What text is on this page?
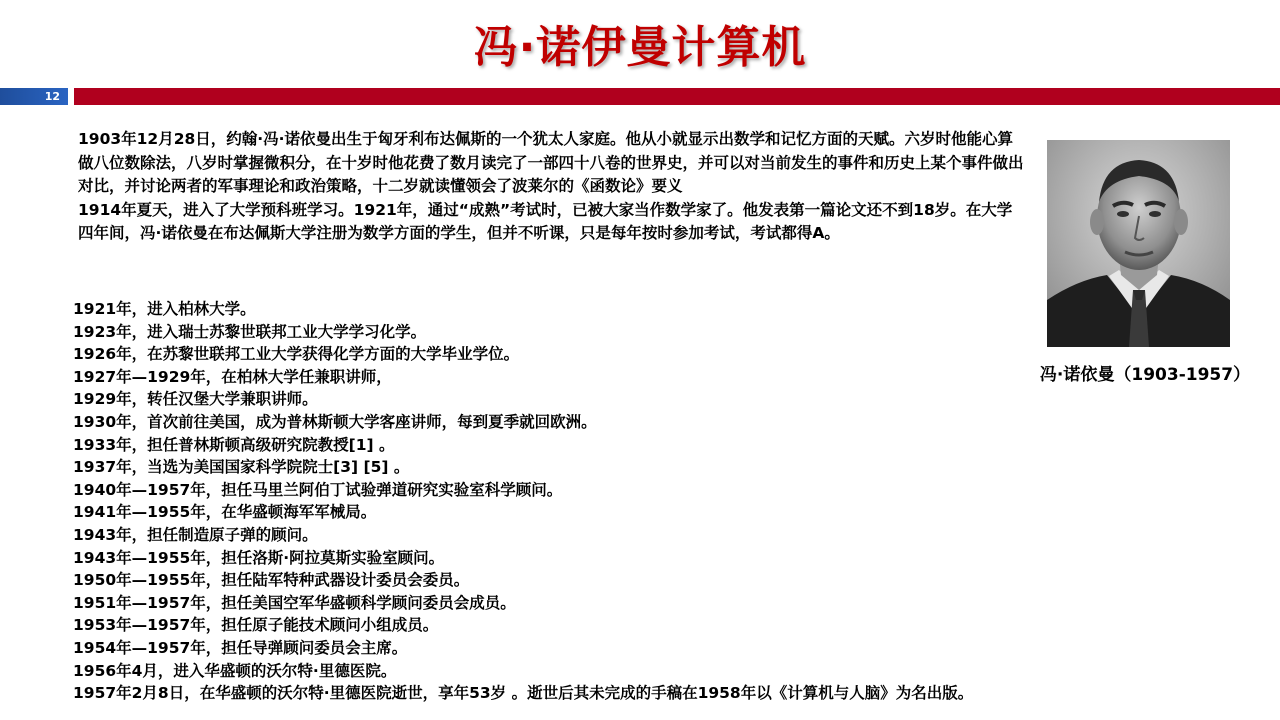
冯·诺伊曼计算机
12

1903年12月28日，约翰·冯·诺依曼出生于匈牙利布达佩斯的一个犹太人家庭。他从小就显示出数学和记忆方面的天赋。六岁时他能心算做八位数除法，八岁时掌握微积分，在十岁时他花费了数月读完了一部四十八卷的世界史，并可以对当前发生的事件和历史上某个事件做出对比，并讨论两者的军事理论和政治策略，十二岁就读懂领会了波莱尔的《函数论》要义

1914年夏天，进入了大学预科班学习。1921年，通过“成熟”考试时，已被大家当作数学家了。他发表第一篇论文还不到18岁。在大学四年间，冯·诺依曼在布达佩斯大学注册为数学方面的学生，但并不听课，只是每年按时参加考试，考试都得A。

1921年，进入柏林大学。
1923年，进入瑞士苏黎世联邦工业大学学习化学。
1926年，在苏黎世联邦工业大学获得化学方面的大学毕业学位。
1927年—1929年，在柏林大学任兼职讲师，
1929年，转任汉堡大学兼职讲师。
1930年，首次前往美国，成为普林斯顿大学客座讲师，每到夏季就回欧洲。
1933年，担任普林斯顿高级研究院教授[1] 。
1937年，当选为美国国家科学院院士[3] [5] 。
1940年—1957年，担任马里兰阿伯丁试验弹道研究实验室科学顾问。
1941年—1955年，在华盛顿海军军械局。
1943年，担任制造原子弹的顾问。
1943年—1955年，担任洛斯·阿拉莫斯实验室顾问。
1950年—1955年，担任陆军特种武器设计委员会委员。
1951年—1957年，担任美国空军华盛顿科学顾问委员会成员。
1953年—1957年，担任原子能技术顾问小组成员。
1954年—1957年，担任导弹顾问委员会主席。
1956年4月，进入华盛顿的沃尔特·里德医院。
1957年2月8日，在华盛顿的沃尔特·里德医院逝世，享年53岁 。逝世后其未完成的手稿在1958年以《计算机与人脑》为名出版。
冯·诺依曼（1903-1957）
